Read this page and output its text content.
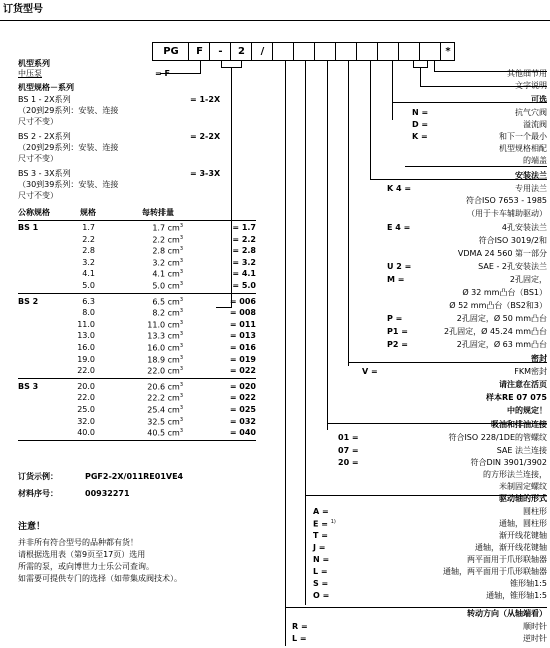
订货型号
PG	F	-	2	/	*
机型系列
中压泵	= F
机型规格－系列
BS 1 - 2X系列	= 1-2X
（20到29系列：安装、连接
尺寸不变）
BS 2 - 2X系列	= 2-2X
（20到29系列：安装、连接
尺寸不变）
BS 3 - 3X系列	= 3-3X
（30到39系列：安装、连接
尺寸不变）
公称规格	规格	每转排量
BS 1	1.7	1.7 $cm^3$	= 1.7
2.2	2.2 $cm^3$	= 2.2
2.8	2.8 $cm^3$	= 2.8
3.2	3.2 $cm^3$	= 3.2
4.1	4.1 $cm^3$	= 4.1
5.0	5.0 $cm^3$	= 5.0
BS 2	6.3	6.5 $cm^3$	= 006
8.0	8.2 $cm^3$	= 008
11.0	11.0 $cm^3$	= 011
13.0	13.3 $cm^3$	= 013
16.0	16.0 $cm^3$	= 016
19.0	18.9 $cm^3$	= 019
22.0	22.0 $cm^3$	= 022
BS 3	20.0	20.6 $cm^3$	= 020
22.0	22.2 $cm^3$	= 022
25.0	25.4 $cm^3$	= 025
32.0	32.5 $cm^3$	= 032
40.0	40.5 $cm^3$	= 040
订货示例：	PGF2-2X/011RE01VE4
材料序号：	00932271
注意！
并非所有符合型号的品种都有货！
请根据选用表（第9页至17页）选用
所需的泵，或向博世力士乐公司查询。
如需要可提供专门的选择（如带集成阀技术）。
其他细节用
文字说明
可选
N =	抗气穴阀
D =	溢流阀
K =	和下一个最小
机型规格相配
的端盖
安装法兰
K 4 =	专用法兰
符合ISO 7653 - 1985
（用于卡车辅助驱动）
E 4 =	4孔安装法兰
符合ISO 3019/2和
VDMA 24 560 第一部分
U 2 =	SAE - 2孔安装法兰
M =	2孔固定，
Ø 32 mm凸台（BS1）
Ø 52 mm凸台（BS2和3）
P =	2孔固定，Ø 50 mm凸台
P1 =	2孔固定，Ø 45.24 mm凸台
P2 =	2孔固定，Ø 63 mm凸台
密封
V =	FKM密封
请注意在活页
样本RE 07 075
中的规定！
吸油和排油连接
01 =	符合ISO 228/1DE的管螺纹
07 =	SAE 法兰连接
20 =	符合DIN 3901/3902
的方形法兰连接，
米制固定螺纹
驱动轴的形式
A =	圆柱形
E = $^{1)}$	通轴，圆柱形
T =	渐开线花键轴
J =	通轴，渐开线花键轴
N =	两平面用于爪形联轴器
L =	通轴，两平面用于爪形联轴器
S =	锥形轴1:5
O =	通轴，锥形轴1:5
转动方向（从轴端看）
R =	顺时针
L =	逆时针
